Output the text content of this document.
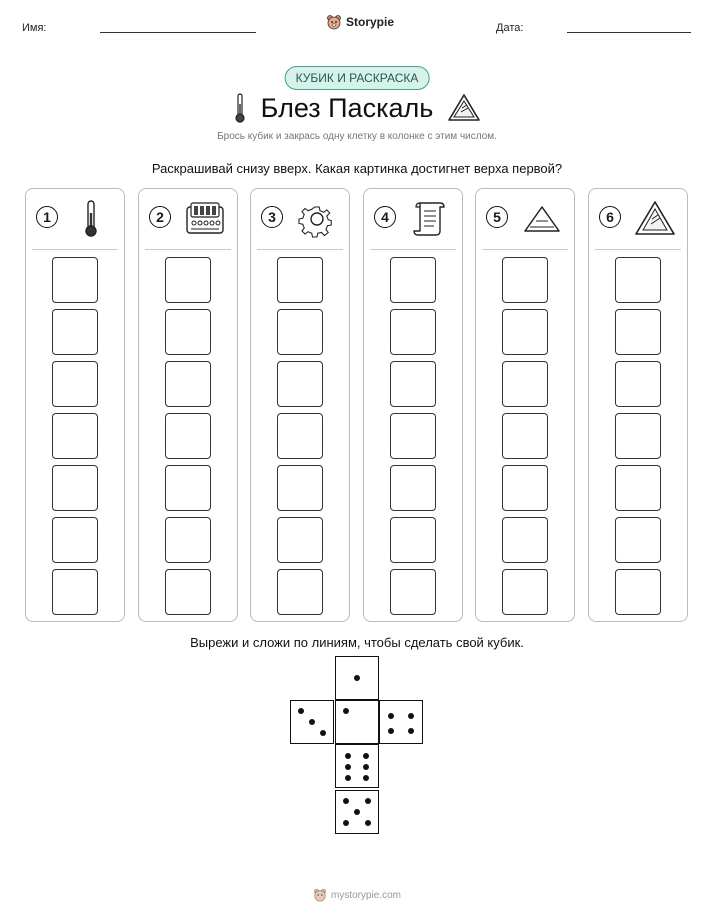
Имя:	Storypie	Дата:
КУБИК И РАСКРАСКА
Блез Паскаль
Брось кубик и закрась одну клетку в колонке с этим числом.
Раскрашивай снизу вверх. Какая картинка достигнет верха первой?
1	2	3	4	5	6
Вырежи и сложи по линиям, чтобы сделать свой кубик.
mystorypie.com
